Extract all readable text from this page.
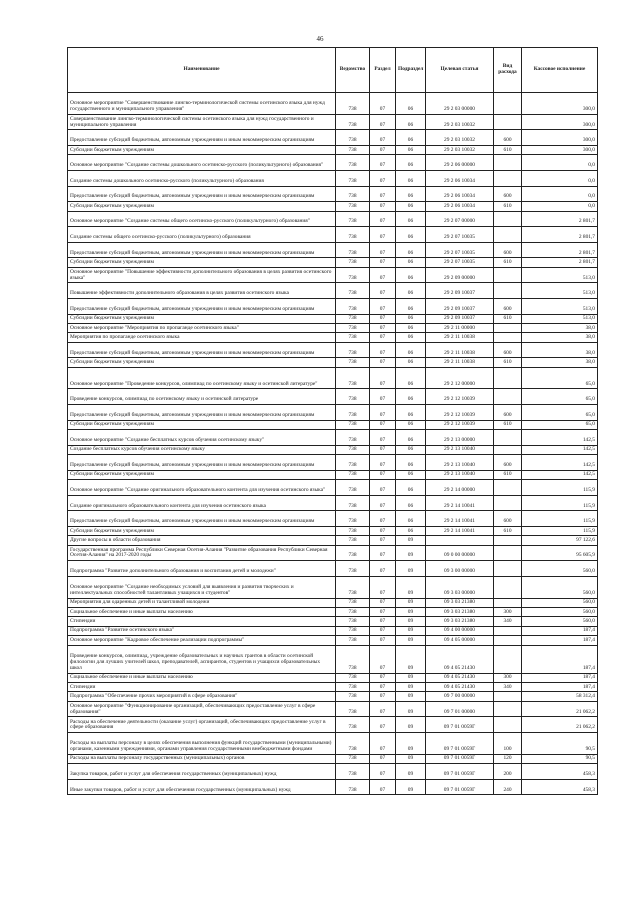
46
Наименование	Ведомство	Раздел	Подраздел	Целевая статья	Вид расхода	Кассовое исполнение
Основное мероприятие "Совершенствование лингво-терминологической системы осетинского языка для нужд государственного и муниципального управления"	738	07	06	29 2 03 00000		300,0
Совершенствование лингво-терминологической системы осетинского языка для нужд государственного и муниципального управления	738	07	06	29 2 03 10032		300,0
Предоставление субсидий бюджетным, автономным учреждениям и иным некоммерческим организациям	738	07	06	29 2 03 10032	600	300,0
Субсидии бюджетным учреждениям	738	07	06	29 2 03 10032	610	300,0
Основное мероприятие "Создание системы дошкольного осетинско-русского (поликультурного) образования"	738	07	06	29 2 06 00000		0,0
Создание системы дошкольного осетинско-русского (поликультурного) образования	738	07	06	29 2 06 10034		0,0
Предоставление субсидий бюджетным, автономным учреждениям и иным некоммерческим организациям	738	07	06	29 2 06 10034	600	0,0
Субсидии бюджетным учреждениям	738	07	06	29 2 06 10034	610	0,0
Основное мероприятие "Создание системы общего осетинско-русского (поликультурного) образования"	738	07	06	29 2 07 00000		2 801,7
Создание системы общего осетинско-русского (поликультурного) образования	738	07	06	29 2 07 10035		2 801,7
Предоставление субсидий бюджетным, автономным учреждениям и иным некоммерческим организациям	738	07	06	29 2 07 10035	600	2 801,7
Субсидии бюджетным учреждениям	738	07	06	29 2 07 10035	610	2 801,7
Основное мероприятие "Повышение эффективности дополнительного образования в целях развития осетинского языка"	738	07	06	29 2 09 00000		513,0
Повышение эффективности дополнительного образования в целях развития осетинского языка	738	07	06	29 2 09 10037		513,0
Предоставление субсидий бюджетным, автономным учреждениям и иным некоммерческим организациям	738	07	06	29 2 09 10037	600	513,0
Субсидии бюджетным учреждениям	738	07	06	29 2 09 10037	610	513,0
Основное мероприятие "Мероприятия по пропаганде осетинского языка"	738	07	06	29 2 11 00000		38,0
Мероприятия по пропаганде осетинского языка	738	07	06	29 2 11 10038		38,0
Предоставление субсидий бюджетным, автономным учреждениям и иным некоммерческим организациям	738	07	06	29 2 11 10038	600	38,0
Субсидии бюджетным учреждениям	738	07	06	29 2 11 10038	610	38,0
Основное мероприятие "Проведение конкурсов, олимпиад по осетинскому языку и осетинской литературе"	738	07	06	29 2 12 00000		65,0
Проведение конкурсов, олимпиад по осетинскому языку и осетинской литературе	738	07	06	29 2 12 10039		65,0
Предоставление субсидий бюджетным, автономным учреждениям и иным некоммерческим организациям	738	07	06	29 2 12 10039	600	65,0
Субсидии бюджетным учреждениям	738	07	06	29 2 12 10039	610	65,0
Основное мероприятие "Создание бесплатных курсов обучения осетинскому языку"	738	07	06	29 2 13 00000		142,5
Создание бесплатных курсов обучения осетинскому языку	738	07	06	29 2 13 10040		142,5
Предоставление субсидий бюджетным, автономным учреждениям и иным некоммерческим организациям	738	07	06	29 2 13 10040	600	142,5
Субсидии бюджетным учреждениям	738	07	06	29 2 13 10040	610	142,5
Основное мероприятие "Создание оригинального образовательного контента для изучения осетинского языка"	738	07	06	29 2 14 00000		115,9
Создание оригинального образовательного контента для изучения осетинского языка	738	07	06	29 2 14 10041		115,9
Предоставление субсидий бюджетным, автономным учреждениям и иным некоммерческим организациям	738	07	06	29 2 14 10041	600	115,9
Субсидии бюджетным учреждениям	738	07	06	29 2 14 10041	610	115,9
Другие вопросы в области образования	738	07	09			97 122,6
Государственная программа Республики Северная Осетия-Алания "Развитие образования Республики Северная Осетия-Алания" на 2017-2020 годы	738	07	09	09 0 00 00000		95 605,9
Подпрограмма "Развитие дополнительного образования и воспитания детей и молодежи"	738	07	09	09 3 00 00000		560,0
Основное мероприятие "Создание необходимых условий для выявления и развития творческих и интеллектуальных способностей талантливых учащихся и студентов"	738	07	09	09 3 03 00000		560,0
Мероприятия для одаренных детей и талантливой молодежи	738	07	09	09 3 03 21380		560,0
Социальное обеспечение и иные выплаты населению	738	07	09	09 3 03 21380	300	560,0
Стипендии	738	07	09	09 3 03 21380	340	560,0
Подпрограмма "Развитие осетинского языка"	738	07	09	09 4 00 00000		187,4
Основное мероприятие "Кадровое обеспечение реализации подпрограммы"	738	07	09	09 4 05 00000		187,4
Проведение конкурсов, олимпиад, учреждение образовательных и научных грантов в области осетинской филологии для лучших учителей школ, преподавателей, аспирантов, студентов и учащихся образовательных школ	738	07	09	09 4 05 21430		187,4
Социальное обеспечение и иные выплаты населению	738	07	09	09 4 05 21430	300	187,4
Стипендии	738	07	09	09 4 05 21430	340	187,4
Подпрограмма "Обеспечение прочих мероприятий в сфере образования"	738	07	09	09 7 00 00000		58 312,4
Основное мероприятие "Функционирование организаций, обеспечивающих предоставление услуг в сфере образования"	738	07	09	09 7 01 00000		21 062,2
Расходы на обеспечение деятельности (оказание услуг) организаций, обеспечивающих предоставление услуг в сфере образования	738	07	09	09 7 01 0059Г		21 062,2
Расходы на выплаты персоналу в целях обеспечения выполнения функций государственными (муниципальными) органами, казенными учреждениями, органами управления государственными внебюджетными фондами	738	07	09	09 7 01 0059Г	100	90,5
Расходы на выплаты персоналу государственных (муниципальных) органов	738	07	09	09 7 01 0059Г	120	90,5
Закупка товаров, работ и услуг для обеспечения государственных (муниципальных) нужд	738	07	09	09 7 01 0059Г	200	458,3
Иные закупки товаров, работ и услуг для обеспечения государственных (муниципальных) нужд	738	07	09	09 7 01 0059Г	240	458,3
